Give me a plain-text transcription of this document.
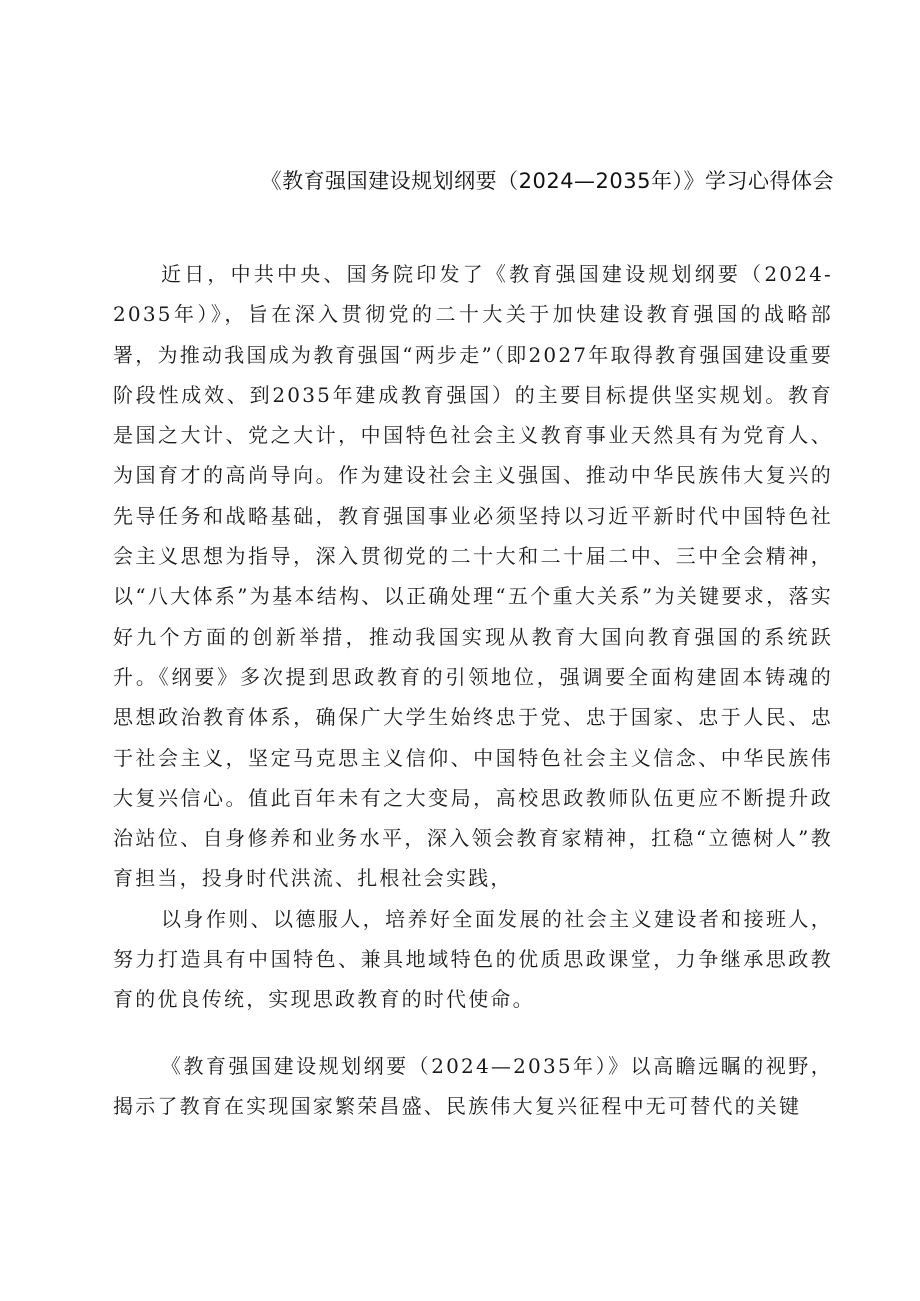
《教育强国建设规划纲要（2024—2035年）》学习心得体会

近日，中共中央、国务院印发了《教育强国建设规划纲要（2024-2035年）》，旨在深入贯彻党的二十大关于加快建设教育强国的战略部署，为推动我国成为教育强国“两步走”（即2027年取得教育强国建设重要阶段性成效、到2035年建成教育强国）的主要目标提供坚实规划。教育是国之大计、党之大计，中国特色社会主义教育事业天然具有为党育人、为国育才的高尚导向。作为建设社会主义强国、推动中华民族伟大复兴的先导任务和战略基础，教育强国事业必须坚持以习近平新时代中国特色社会主义思想为指导，深入贯彻党的二十大和二十届二中、三中全会精神，以“八大体系”为基本结构、以正确处理“五个重大关系”为关键要求，落实好九个方面的创新举措，推动我国实现从教育大国向教育强国的系统跃升。《纲要》多次提到思政教育的引领地位，强调要全面构建固本铸魂的思想政治教育体系，确保广大学生始终忠于党、忠于国家、忠于人民、忠于社会主义，坚定马克思主义信仰、中国特色社会主义信念、中华民族伟大复兴信心。值此百年未有之大变局，高校思政教师队伍更应不断提升政治站位、自身修养和业务水平，深入领会教育家精神，扛稳“立德树人”教育担当，投身时代洪流、扎根社会实践，

以身作则、以德服人，培养好全面发展的社会主义建设者和接班人，努力打造具有中国特色、兼具地域特色的优质思政课堂，力争继承思政教育的优良传统，实现思政教育的时代使命。

《教育强国建设规划纲要（2024—2035年）》以高瞻远瞩的视野，揭示了教育在实现国家繁荣昌盛、民族伟大复兴征程中无可替代的关键
